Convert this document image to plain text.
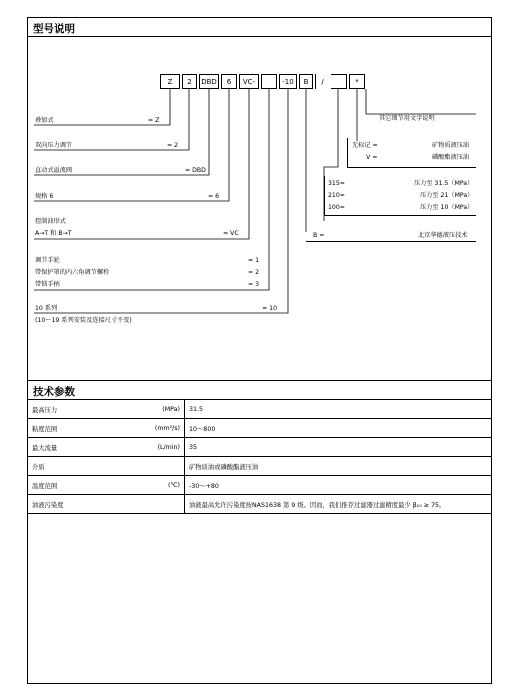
型号说明
Z	2	DBD	6	VC-	-10	B	/	*
叠加式	= Z
双向压力调节	= 2
直动式溢流阀	= DBD
规格 6	= 6
控制油形式
A→T 和 B→T	= VC
调节手轮	= 1
带保护罩的内六角调节螺栓	= 2
带锁手柄	= 3
10 系列	= 10
(10～19 系列安装及连接尺寸不变)
其它细节用文字说明
无标记 =	矿物质液压油
V =	磷酸酯液压油
315=	压力至 31.5（MPa）
210=	压力至 21（MPa）
100=	压力至 10（MPa）
B =	北京华德液压技术
技术参数
最高压力	(MPa)	31.5
粘度范围	(mm²/s)	10～800
最大流量	(L/min)	35
介质		矿物质油或磷酸酯液压油
温度范围	(℃)	-30～+80
油液污染度		油液最高允许污染度按NAS1638 第 9 级。因而，我们推荐过滤器过滤精度最少 β₁₀ ≥ 75。
